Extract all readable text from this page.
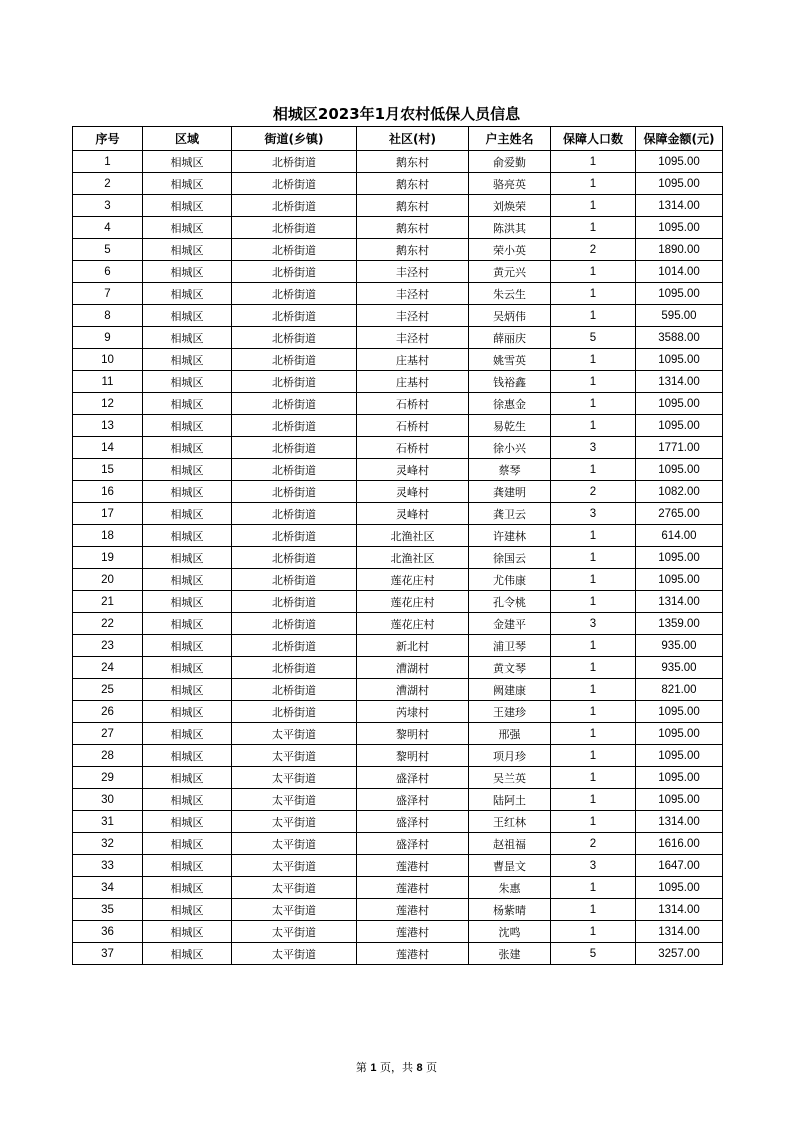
相城区2023年1月农村低保人员信息
序号	区域	街道(乡镇)	社区(村)	户主姓名	保障人口数	保障金额(元)
1	相城区	北桥街道	鹅东村	俞爱勤	1	1095.00
2	相城区	北桥街道	鹅东村	骆亮英	1	1095.00
3	相城区	北桥街道	鹅东村	刘焕荣	1	1314.00
4	相城区	北桥街道	鹅东村	陈洪其	1	1095.00
5	相城区	北桥街道	鹅东村	荣小英	2	1890.00
6	相城区	北桥街道	丰泾村	黄元兴	1	1014.00
7	相城区	北桥街道	丰泾村	朱云生	1	1095.00
8	相城区	北桥街道	丰泾村	吴炳伟	1	595.00
9	相城区	北桥街道	丰泾村	薛丽庆	5	3588.00
10	相城区	北桥街道	庄基村	姚雪英	1	1095.00
11	相城区	北桥街道	庄基村	钱裕鑫	1	1314.00
12	相城区	北桥街道	石桥村	徐惠金	1	1095.00
13	相城区	北桥街道	石桥村	易乾生	1	1095.00
14	相城区	北桥街道	石桥村	徐小兴	3	1771.00
15	相城区	北桥街道	灵峰村	蔡琴	1	1095.00
16	相城区	北桥街道	灵峰村	龚建明	2	1082.00
17	相城区	北桥街道	灵峰村	龚卫云	3	2765.00
18	相城区	北桥街道	北渔社区	许建林	1	614.00
19	相城区	北桥街道	北渔社区	徐国云	1	1095.00
20	相城区	北桥街道	莲花庄村	尤伟康	1	1095.00
21	相城区	北桥街道	莲花庄村	孔令桃	1	1314.00
22	相城区	北桥街道	莲花庄村	金建平	3	1359.00
23	相城区	北桥街道	新北村	浦卫琴	1	935.00
24	相城区	北桥街道	漕湖村	黄文琴	1	935.00
25	相城区	北桥街道	漕湖村	阙建康	1	821.00
26	相城区	北桥街道	芮埭村	王建珍	1	1095.00
27	相城区	太平街道	黎明村	邢强	1	1095.00
28	相城区	太平街道	黎明村	项月珍	1	1095.00
29	相城区	太平街道	盛泽村	吴兰英	1	1095.00
30	相城区	太平街道	盛泽村	陆阿土	1	1095.00
31	相城区	太平街道	盛泽村	王红林	1	1314.00
32	相城区	太平街道	盛泽村	赵祖福	2	1616.00
33	相城区	太平街道	莲港村	曹昰文	3	1647.00
34	相城区	太平街道	莲港村	朱惠	1	1095.00
35	相城区	太平街道	莲港村	杨紫晴	1	1314.00
36	相城区	太平街道	莲港村	沈鸣	1	1314.00
37	相城区	太平街道	莲港村	张建	5	3257.00
第 1 页，共 8 页
